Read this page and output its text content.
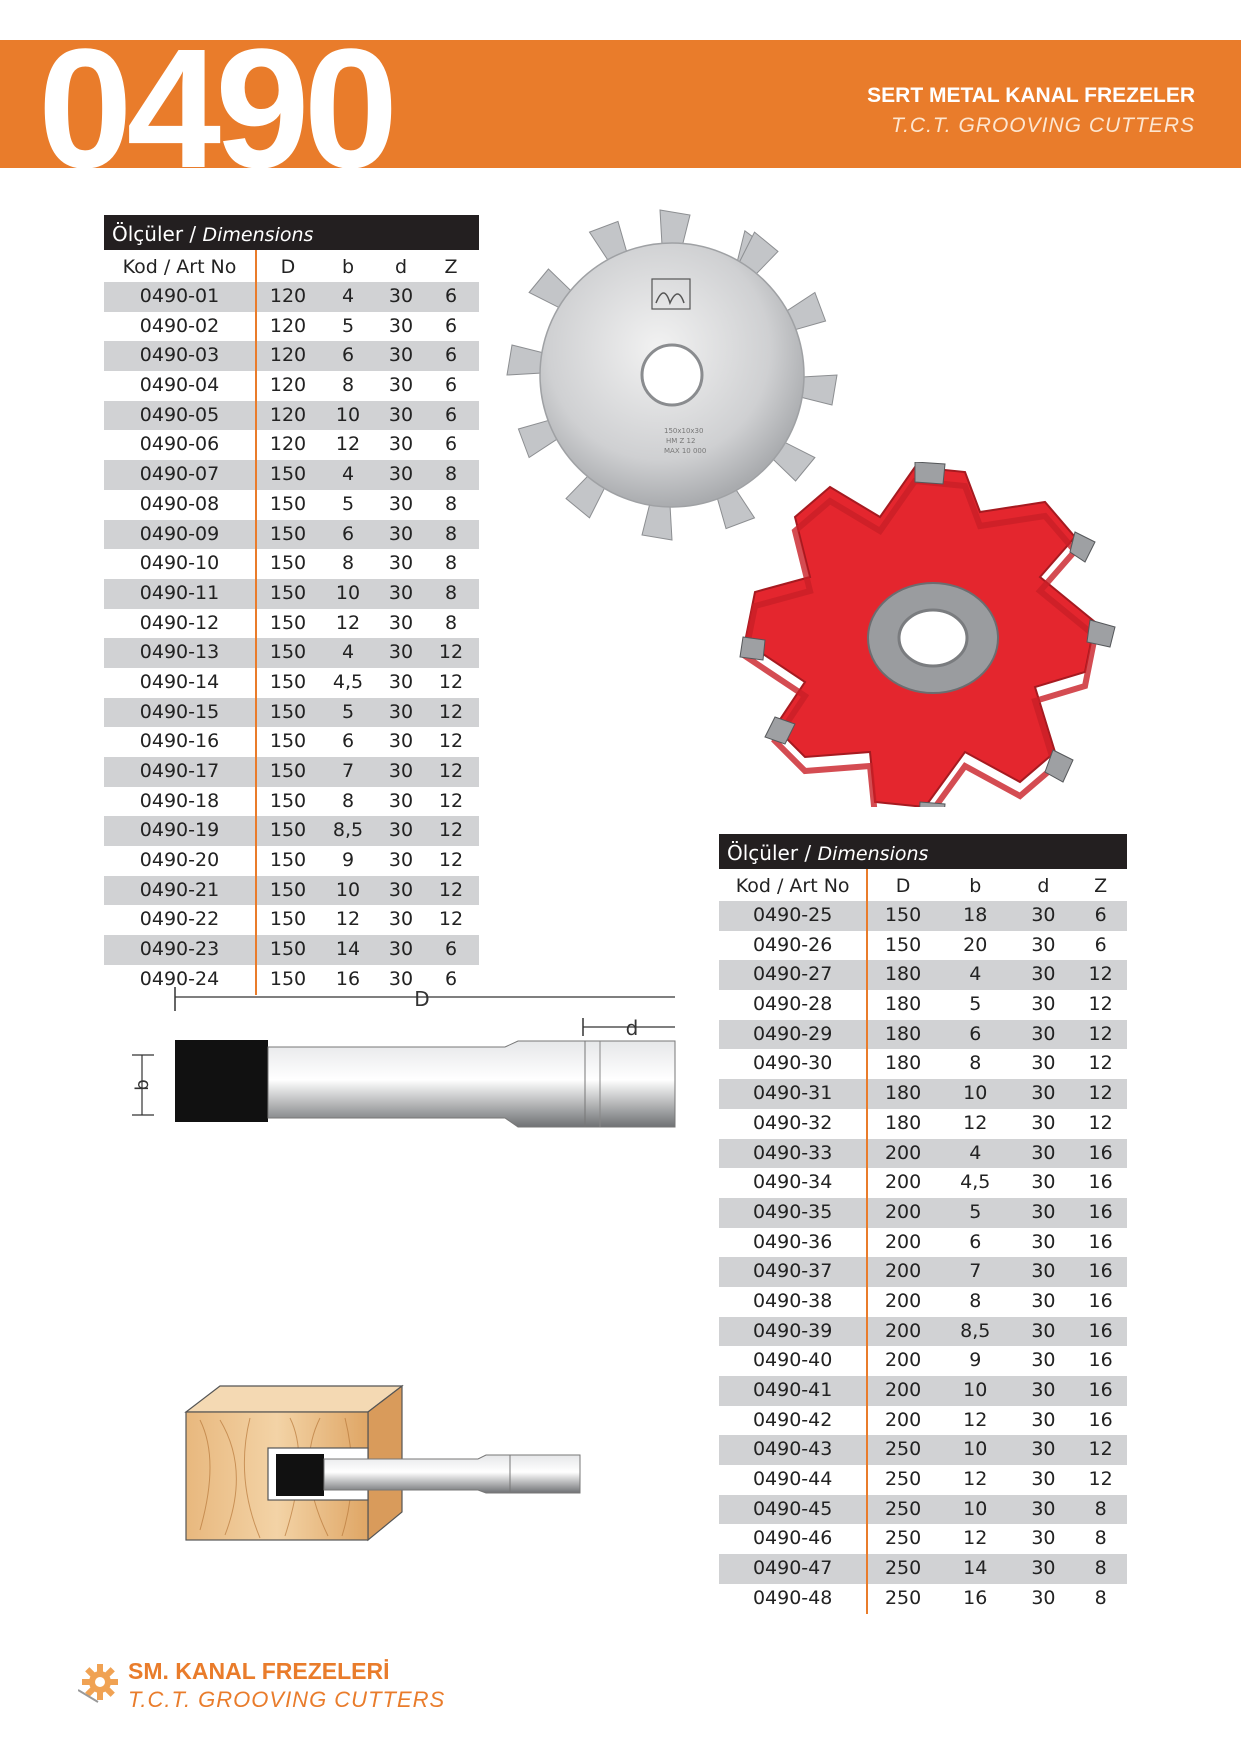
0490	SERT METAL KANAL FREZELER
T.C.T. GROOVING CUTTERS
Ölçüler / Dimensions
Kod / Art No	D	b	d	Z
0490-01	120	4	30	6
0490-02	120	5	30	6
0490-03	120	6	30	6
0490-04	120	8	30	6
0490-05	120	10	30	6
0490-06	120	12	30	6
0490-07	150	4	30	8
0490-08	150	5	30	8
0490-09	150	6	30	8
0490-10	150	8	30	8
0490-11	150	10	30	8
0490-12	150	12	30	8
0490-13	150	4	30	12
0490-14	150	4,5	30	12
0490-15	150	5	30	12
0490-16	150	6	30	12
0490-17	150	7	30	12
0490-18	150	8	30	12
0490-19	150	8,5	30	12
0490-20	150	9	30	12
0490-21	150	10	30	12
0490-22	150	12	30	12
0490-23	150	14	30	6
0490-24	150	16	30	6
Ölçüler / Dimensions
Kod / Art No	D	b	d	Z
0490-25	150	18	30	6
0490-26	150	20	30	6
0490-27	180	4	30	12
0490-28	180	5	30	12
0490-29	180	6	30	12
0490-30	180	8	30	12
0490-31	180	10	30	12
0490-32	180	12	30	12
0490-33	200	4	30	16
0490-34	200	4,5	30	16
0490-35	200	5	30	16
0490-36	200	6	30	16
0490-37	200	7	30	16
0490-38	200	8	30	16
0490-39	200	8,5	30	16
0490-40	200	9	30	16
0490-41	200	10	30	16
0490-42	200	12	30	16
0490-43	250	10	30	12
0490-44	250	12	30	12
0490-45	250	10	30	8
0490-46	250	12	30	8
0490-47	250	14	30	8
0490-48	250	16	30	8
150x10x30
HM Z 12
MAX 10 000
D
d
b
SM. KANAL FREZELERİ
T.C.T. GROOVING CUTTERS
